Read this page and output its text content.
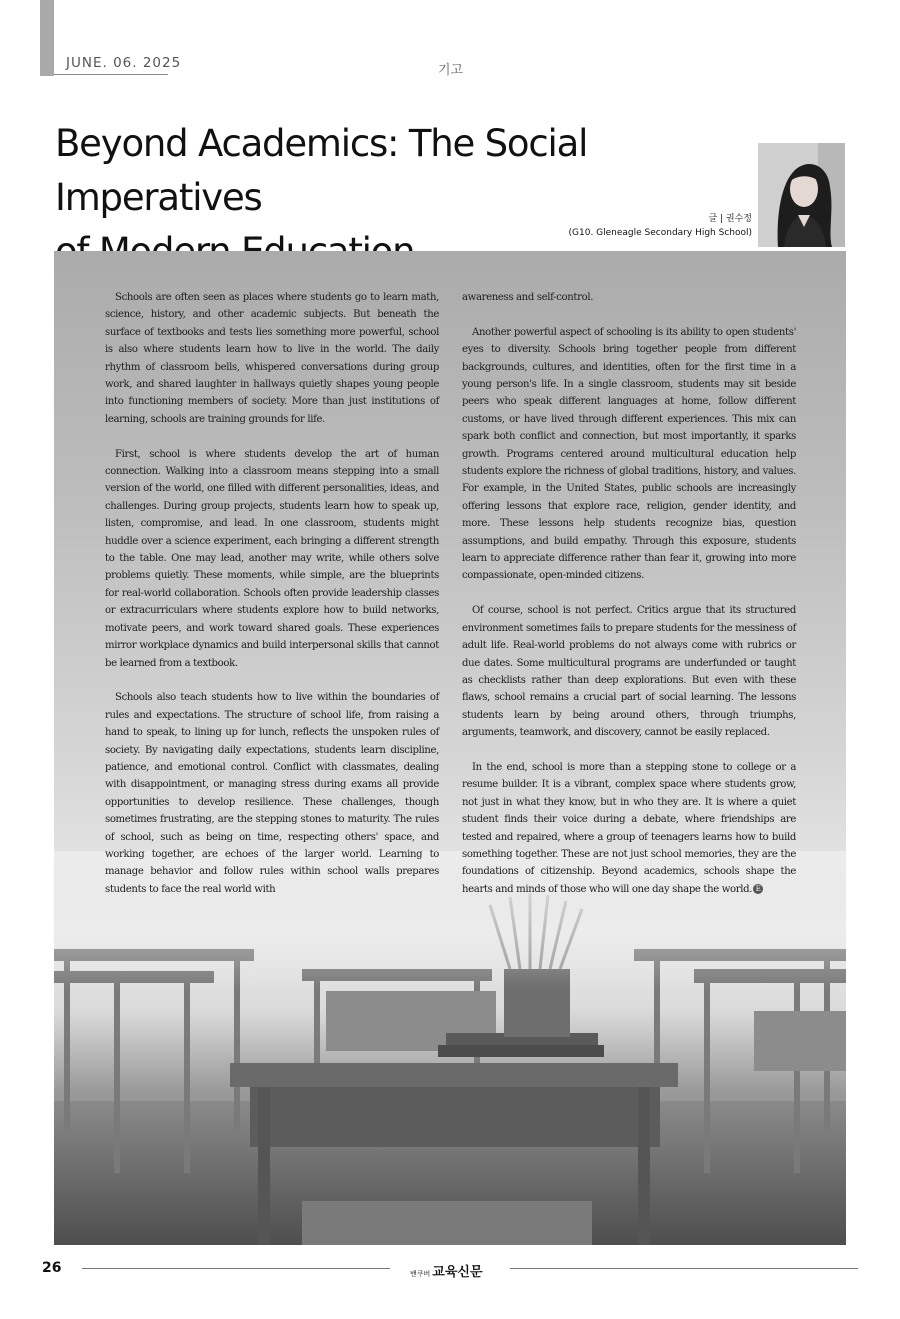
JUNE. 06. 2025	기고
Beyond Academics: The Social Imperatives	글 | 권수정
(G10. Gleneagle Secondary High School)

Schools are often seen as places where students go to learn math, science, history, and other academic subjects. But beneath the surface of textbooks and tests lies something more powerful, school is also where students learn how to live in the world. The daily rhythm of classroom bells, whispered conversations during group work, and shared laughter in hallways quietly shapes young people into functioning members of society. More than just institutions of learning, schools are training grounds for life.

First, school is where students develop the art of human connection. Walking into a classroom means stepping into a small version of the world, one filled with different personalities, ideas, and challenges. During group projects, students learn how to speak up, listen, compromise, and lead. In one classroom, students might huddle over a science experiment, each bringing a different strength to the table. One may lead, another may write, while others solve problems quietly. These moments, while simple, are the blueprints for real-world collaboration. Schools often provide leadership classes or extracurriculars where students explore how to build networks, motivate peers, and work toward shared goals. These experiences mirror workplace dynamics and build interpersonal skills that cannot be learned from a textbook.

Schools also teach students how to live within the boundaries of rules and expectations. The structure of school life, from raising a hand to speak, to lining up for lunch, reflects the unspoken rules of society. By navigating daily expectations, students learn discipline, patience, and emotional control. Conflict with classmates, dealing with disappointment, or managing stress during exams all provide opportunities to develop resilience. These challenges, though sometimes frustrating, are the stepping stones to maturity. The rules of school, such as being on time, respecting others' space, and working together, are echoes of the larger world. Learning to manage behavior and follow rules within school walls prepares students to face the real world with

awareness and self-control.

Another powerful aspect of schooling is its ability to open students' eyes to diversity. Schools bring together people from different backgrounds, cultures, and identities, often for the first time in a young person's life. In a single classroom, students may sit beside peers who speak different languages at home, follow different customs, or have lived through different experiences. This mix can spark both conflict and connection, but most importantly, it sparks growth. Programs centered around multicultural education help students explore the richness of global traditions, history, and values. For example, in the United States, public schools are increasingly offering lessons that explore race, religion, gender identity, and more. These lessons help students recognize bias, question assumptions, and build empathy. Through this exposure, students learn to appreciate difference rather than fear it, growing into more compassionate, open-minded citizens.

Of course, school is not perfect. Critics argue that its structured environment sometimes fails to prepare students for the messiness of adult life. Real-world problems do not always come with rubrics or due dates. Some multicultural programs are underfunded or taught as checklists rather than deep explorations. But even with these flaws, school remains a crucial part of social learning. The lessons students learn by being around others, through triumphs, arguments, teamwork, and discovery, cannot be easily replaced.

In the end, school is more than a stepping stone to college or a resume builder. It is a vibrant, complex space where students grow, not just in what they know, but in who they are. It is where a quiet student finds their voice during a debate, where friendships are tested and repaired, where a group of teenagers learns how to build something together. These are not just school memories, they are the foundations of citizenship. Beyond academics, schools shape the hearts and minds of those who will one day shape the world. E

26	밴쿠버 교육신문
